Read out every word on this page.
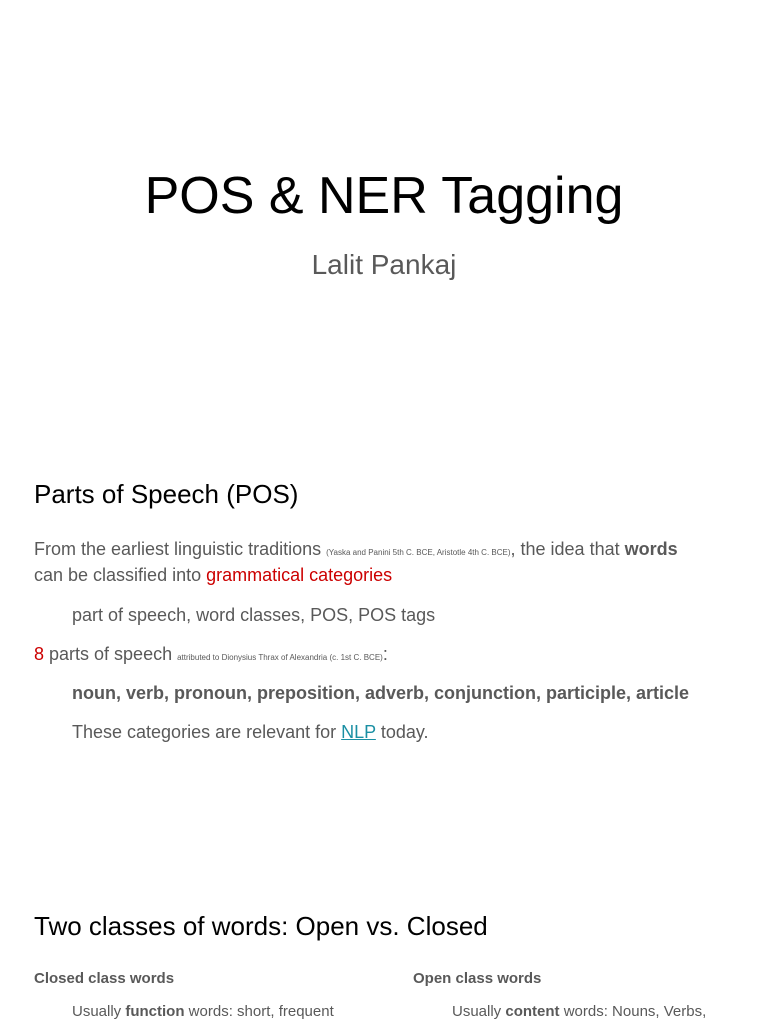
POS & NER Tagging
Lalit Pankaj
Parts of Speech (POS)
From the earliest linguistic traditions (Yaska and Panini 5th C. BCE, Aristotle 4th C. BCE), the idea that words
can be classified into grammatical categories
part of speech, word classes, POS, POS tags
8 parts of speech attributed to Dionysius Thrax of Alexandria (c. 1st C. BCE):
noun, verb, pronoun, preposition, adverb, conjunction, participle, article
These categories are relevant for NLP today.
Two classes of words: Open vs. Closed
Closed class words
Usually function words: short, frequent
Open class words
Usually content words: Nouns, Verbs,
